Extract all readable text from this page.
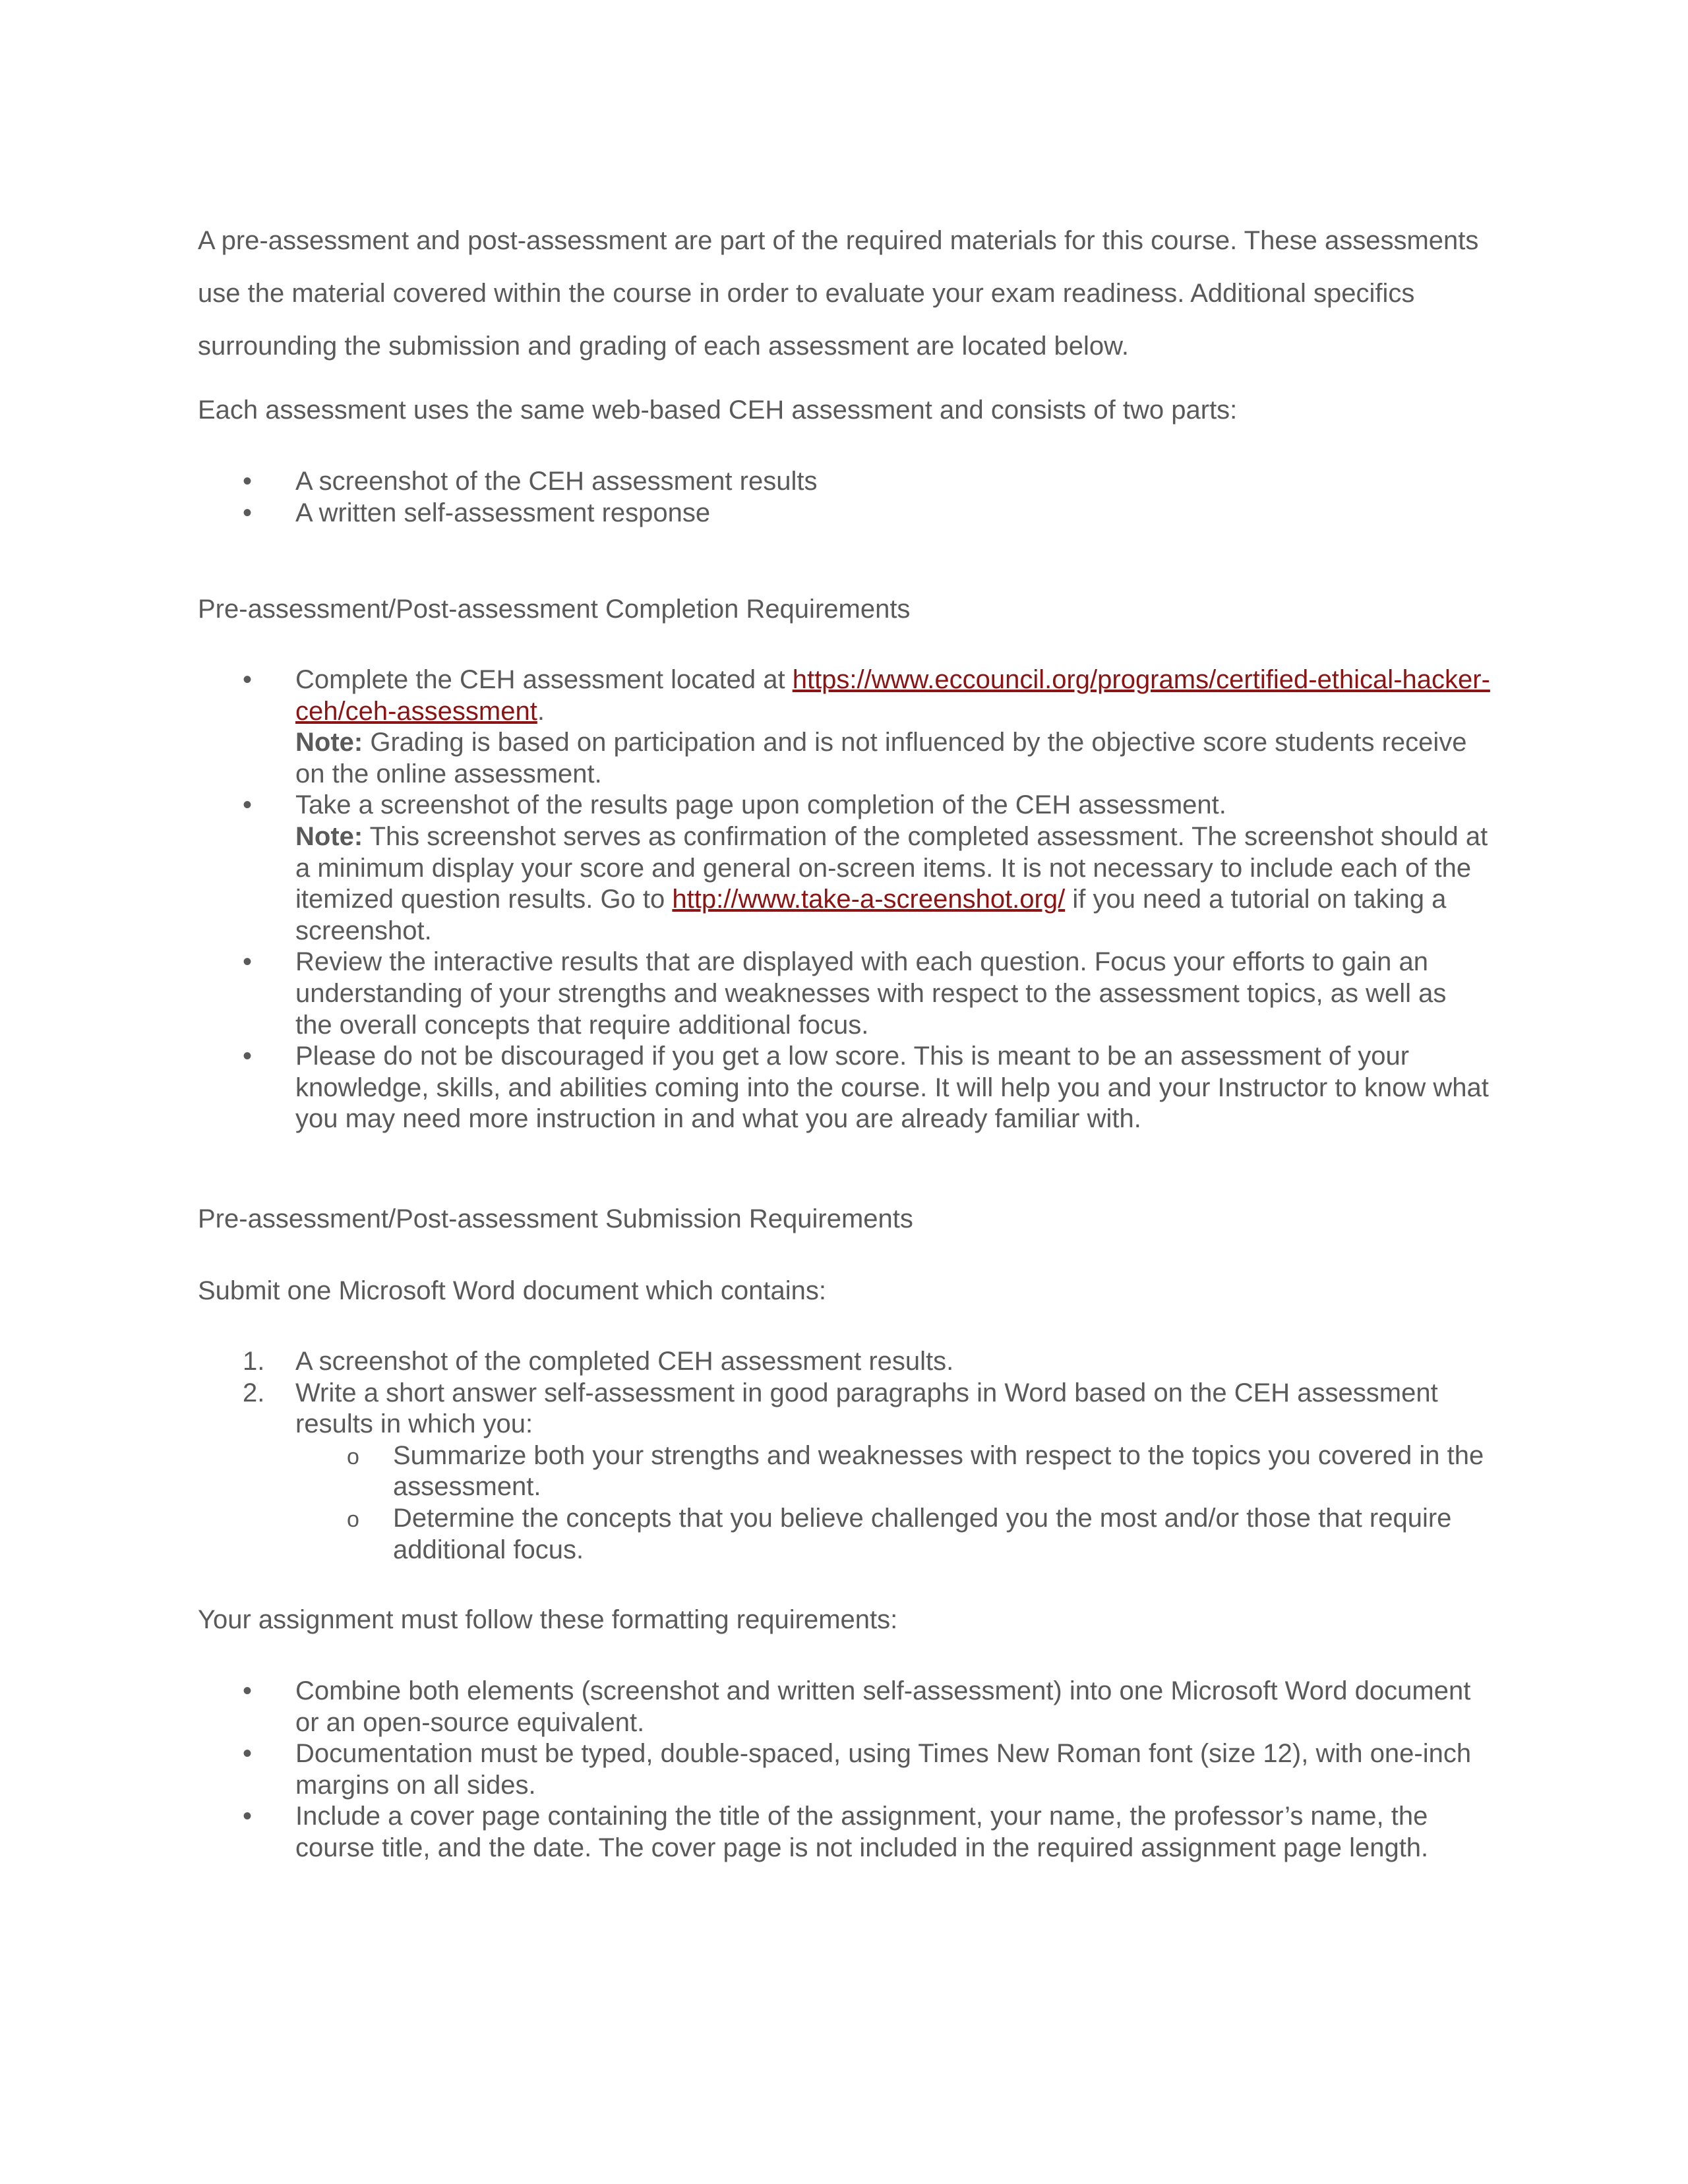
A pre-assessment and post-assessment are part of the required materials for this course. These assessments use the material covered within the course in order to evaluate your exam readiness. Additional specifics surrounding the submission and grading of each assessment are located below.

Each assessment uses the same web-based CEH assessment and consists of two parts:

• A screenshot of the CEH assessment results
• A written self-assessment response

Pre-assessment/Post-assessment Completion Requirements

• Complete the CEH assessment located at https://www.eccouncil.org/programs/certified-ethical-hacker-ceh/ceh-assessment.
Note: Grading is based on participation and is not influenced by the objective score students receive on the online assessment.
• Take a screenshot of the results page upon completion of the CEH assessment.
Note: This screenshot serves as confirmation of the completed assessment. The screenshot should at a minimum display your score and general on-screen items. It is not necessary to include each of the itemized question results. Go to http://www.take-a-screenshot.org/ if you need a tutorial on taking a screenshot.
• Review the interactive results that are displayed with each question. Focus your efforts to gain an understanding of your strengths and weaknesses with respect to the assessment topics, as well as the overall concepts that require additional focus.
• Please do not be discouraged if you get a low score. This is meant to be an assessment of your knowledge, skills, and abilities coming into the course. It will help you and your Instructor to know what you may need more instruction in and what you are already familiar with.

Pre-assessment/Post-assessment Submission Requirements

Submit one Microsoft Word document which contains:

1. A screenshot of the completed CEH assessment results.
2. Write a short answer self-assessment in good paragraphs in Word based on the CEH assessment results in which you:
o Summarize both your strengths and weaknesses with respect to the topics you covered in the assessment.
o Determine the concepts that you believe challenged you the most and/or those that require additional focus.

Your assignment must follow these formatting requirements:

• Combine both elements (screenshot and written self-assessment) into one Microsoft Word document or an open-source equivalent.
• Documentation must be typed, double-spaced, using Times New Roman font (size 12), with one-inch margins on all sides.
• Include a cover page containing the title of the assignment, your name, the professor’s name, the course title, and the date. The cover page is not included in the required assignment page length.
